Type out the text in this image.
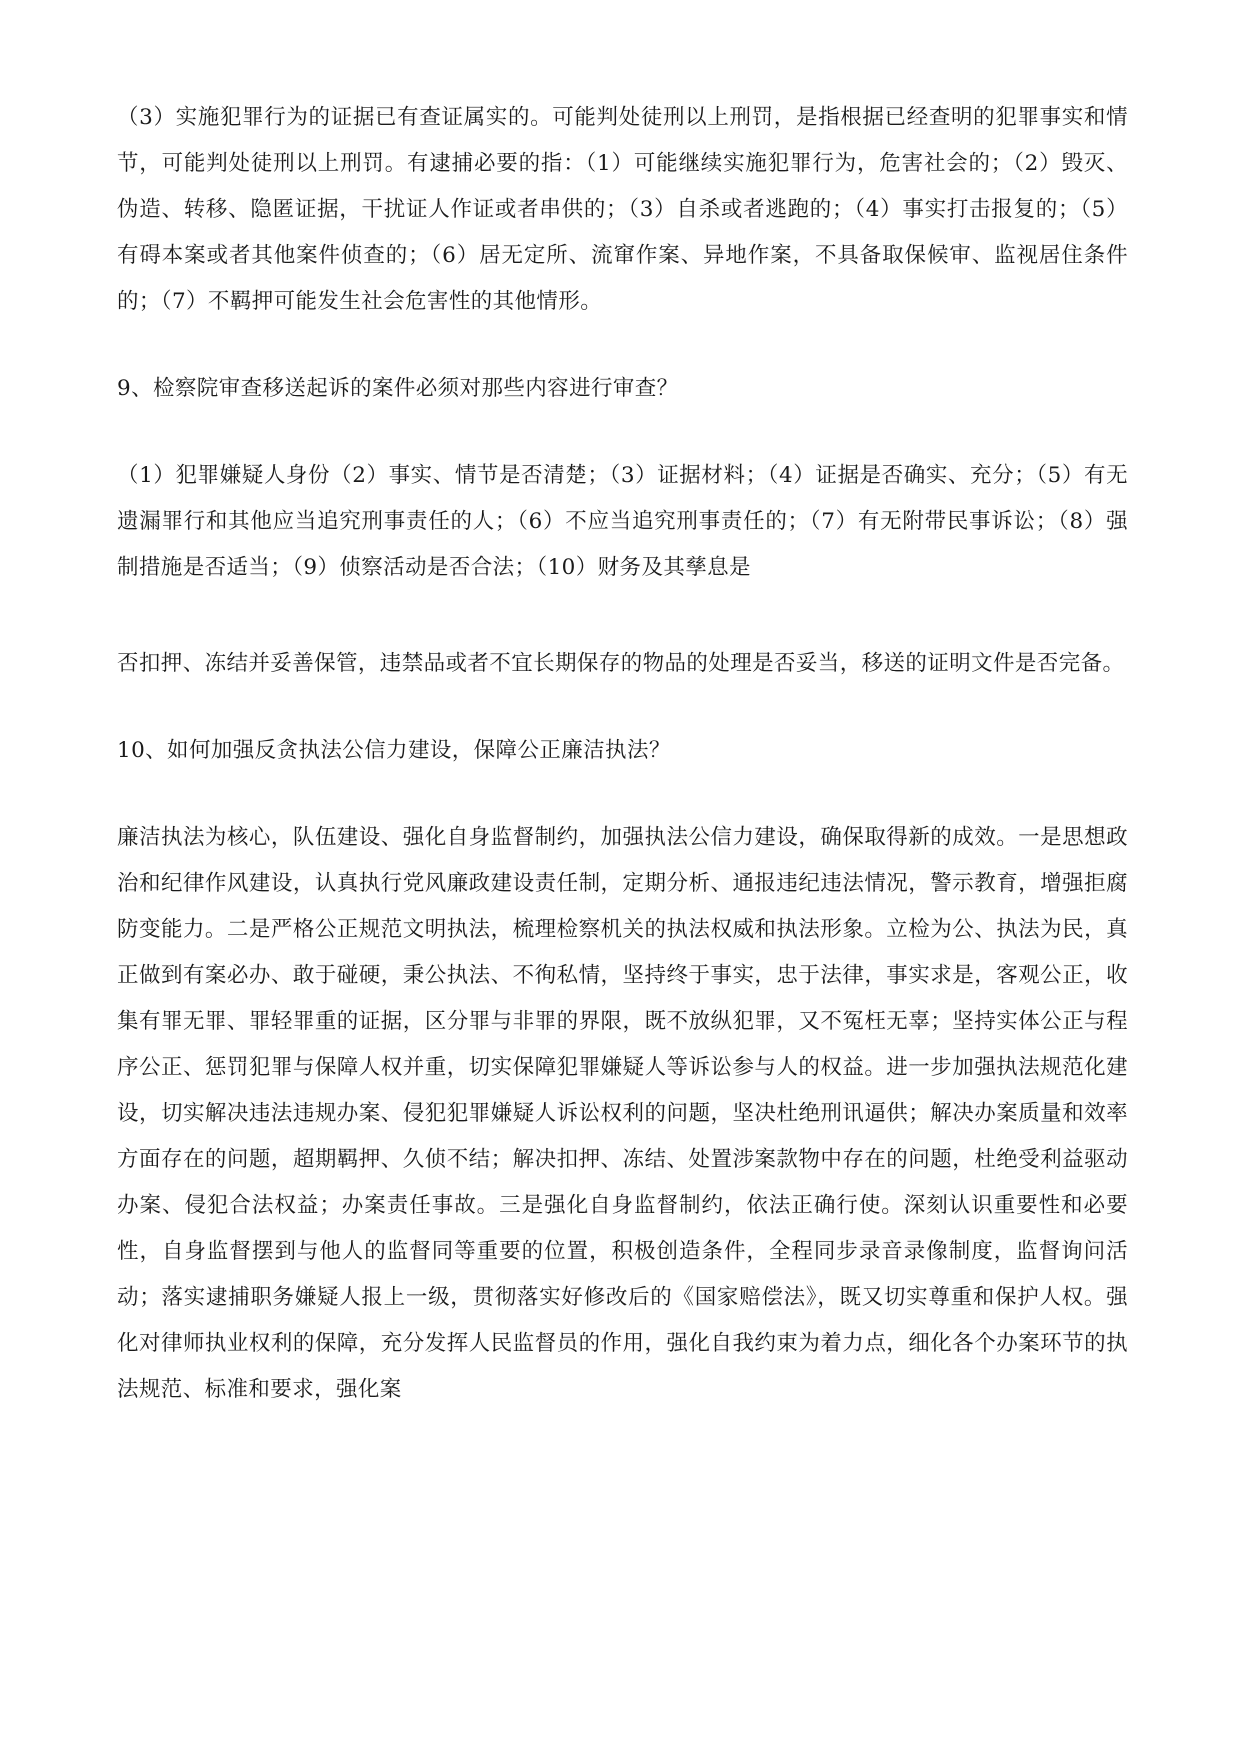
（3）实施犯罪行为的证据已有查证属实的。可能判处徒刑以上刑罚，是指根据已经查明的犯罪事实和情节，可能判处徒刑以上刑罚。有逮捕必要的指：（1）可能继续实施犯罪行为，危害社会的；（2）毁灭、伪造、转移、隐匿证据，干扰证人作证或者串供的；（3）自杀或者逃跑的；（4）事实打击报复的；（5）有碍本案或者其他案件侦查的；（6）居无定所、流窜作案、异地作案，不具备取保候审、监视居住条件的；（7）不羁押可能发生社会危害性的其他情形。

9、检察院审查移送起诉的案件必须对那些内容进行审查？

（1）犯罪嫌疑人身份（2）事实、情节是否清楚；（3）证据材料；（4）证据是否确实、充分；（5）有无遗漏罪行和其他应当追究刑事责任的人；（6）不应当追究刑事责任的；（7）有无附带民事诉讼；（8）强制措施是否适当；（9）侦察活动是否合法；（10）财务及其孳息是

否扣押、冻结并妥善保管，违禁品或者不宜长期保存的物品的处理是否妥当，移送的证明文件是否完备。

10、如何加强反贪执法公信力建设，保障公正廉洁执法？

廉洁执法为核心，队伍建设、强化自身监督制约，加强执法公信力建设，确保取得新的成效。一是思想政治和纪律作风建设，认真执行党风廉政建设责任制，定期分析、通报违纪违法情况，警示教育，增强拒腐防变能力。二是严格公正规范文明执法，梳理检察机关的执法权威和执法形象。立检为公、执法为民，真正做到有案必办、敢于碰硬，秉公执法、不徇私情，坚持终于事实，忠于法律，事实求是，客观公正，收集有罪无罪、罪轻罪重的证据，区分罪与非罪的界限，既不放纵犯罪，又不冤枉无辜；坚持实体公正与程序公正、惩罚犯罪与保障人权并重，切实保障犯罪嫌疑人等诉讼参与人的权益。进一步加强执法规范化建设，切实解决违法违规办案、侵犯犯罪嫌疑人诉讼权利的问题，坚决杜绝刑讯逼供；解决办案质量和效率方面存在的问题，超期羁押、久侦不结；解决扣押、冻结、处置涉案款物中存在的问题，杜绝受利益驱动办案、侵犯合法权益；办案责任事故。三是强化自身监督制约，依法正确行使。深刻认识重要性和必要性，自身监督摆到与他人的监督同等重要的位置，积极创造条件，全程同步录音录像制度，监督询问活动；落实逮捕职务嫌疑人报上一级，贯彻落实好修改后的《国家赔偿法》，既又切实尊重和保护人权。强化对律师执业权利的保障，充分发挥人民监督员的作用，强化自我约束为着力点，细化各个办案环节的执法规范、标准和要求，强化案
